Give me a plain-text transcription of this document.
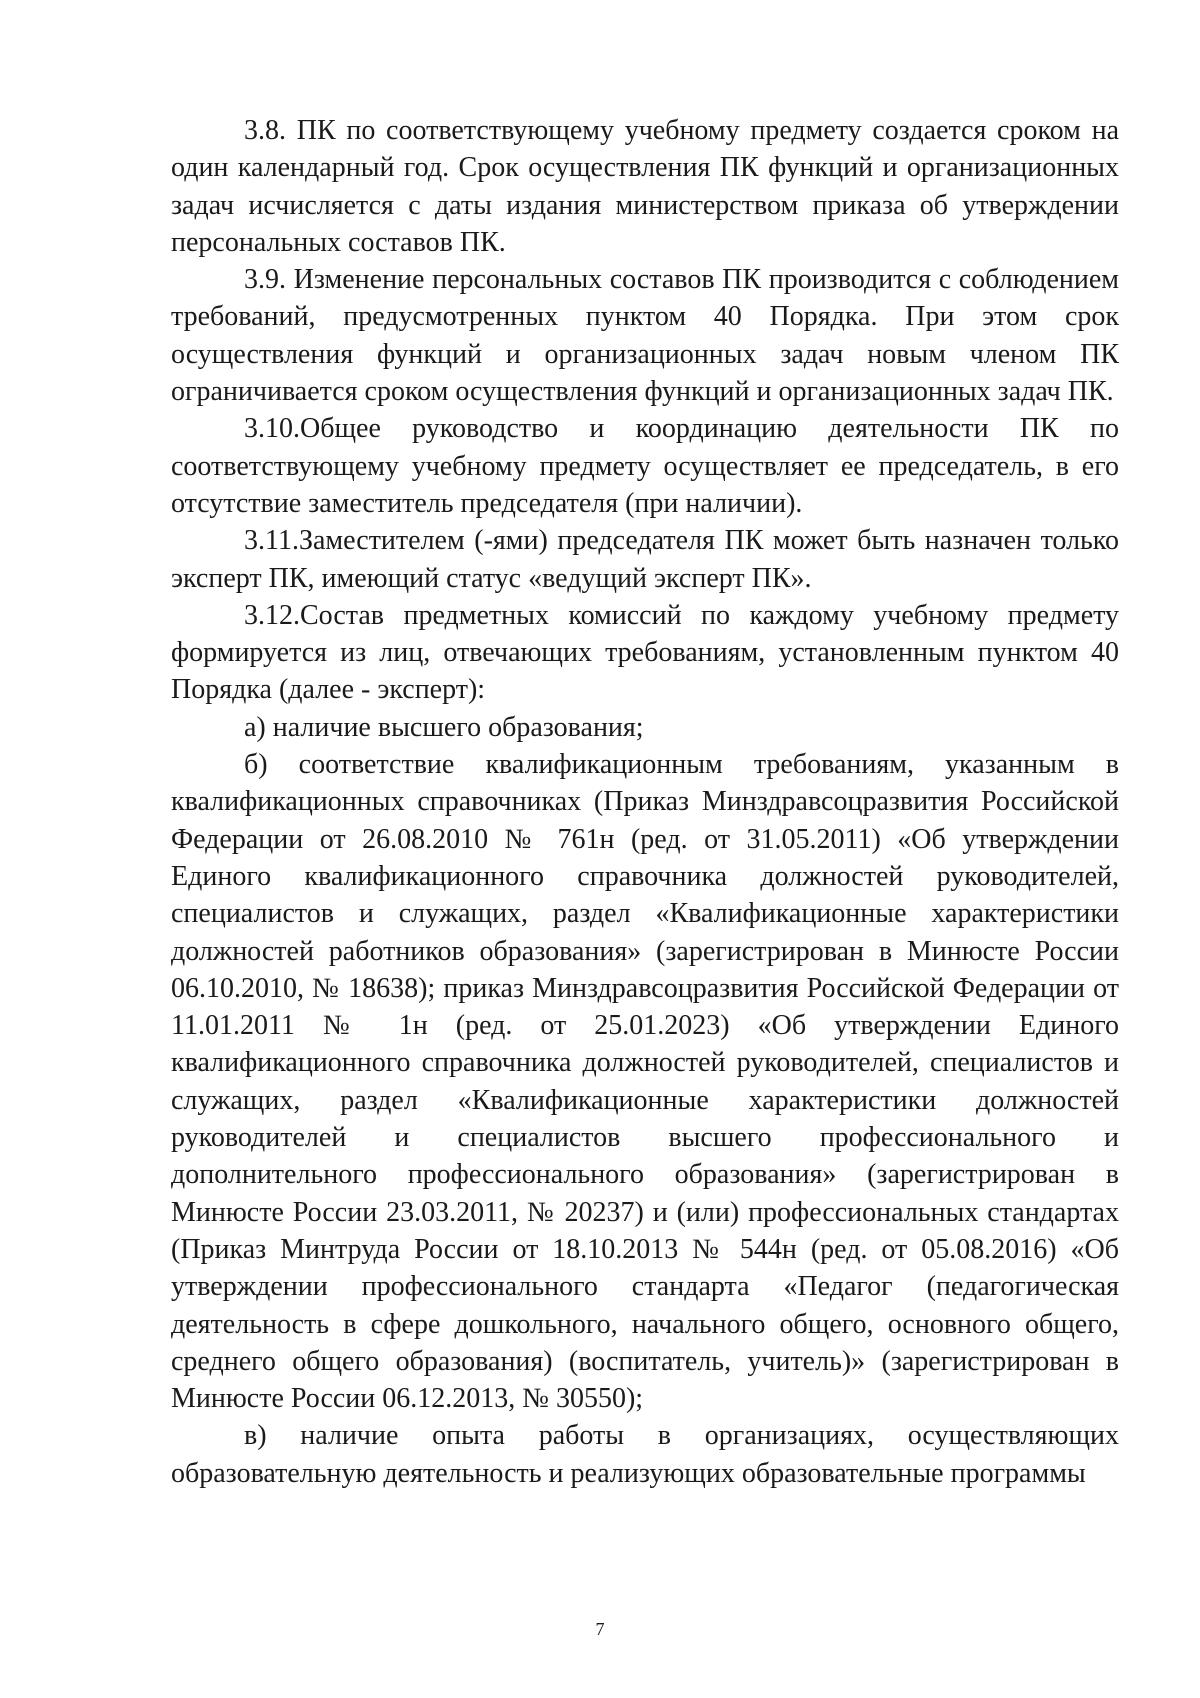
3.8. ПК по соответствующему учебному предмету создается сроком на один календарный год. Срок осуществления ПК функций и организационных задач исчисляется с даты издания министерством приказа об утверждении персональных составов ПК.

3.9. Изменение персональных составов ПК производится с соблюдением требований, предусмотренных пунктом 40 Порядка. При этом срок осуществления функций и организационных задач новым членом ПК ограничивается сроком осуществления функций и организационных задач ПК.

3.10.Общее руководство и координацию деятельности ПК по соответствующему учебному предмету осуществляет ее председатель, в его отсутствие заместитель председателя (при наличии).

3.11.Заместителем (-ями) председателя ПК может быть назначен только эксперт ПК, имеющий статус «ведущий эксперт ПК».

3.12.Состав предметных комиссий по каждому учебному предмету формируется из лиц, отвечающих требованиям, установленным пунктом 40 Порядка (далее - эксперт):

а) наличие высшего образования;

б) соответствие квалификационным требованиям, указанным в квалификационных справочниках (Приказ Минздравсоцразвития Российской Федерации от 26.08.2010 № 761н (ред. от 31.05.2011) «Об утверждении Единого квалификационного справочника должностей руководителей, специалистов и служащих, раздел «Квалификационные характеристики должностей работников образования» (зарегистрирован в Минюсте России 06.10.2010, № 18638); приказ Минздравсоцразвития Российской Федерации от 11.01.2011 № 1н (ред. от 25.01.2023) «Об утверждении Единого квалификационного справочника должностей руководителей, специалистов и служащих, раздел «Квалификационные характеристики должностей руководителей и специалистов высшего профессионального и дополнительного профессионального образования» (зарегистрирован в Минюсте России 23.03.2011, № 20237) и (или) профессиональных стандартах (Приказ Минтруда России от 18.10.2013 № 544н (ред. от 05.08.2016) «Об утверждении профессионального стандарта «Педагог (педагогическая деятельность в сфере дошкольного, начального общего, основного общего, среднего общего образования) (воспитатель, учитель)» (зарегистрирован в Минюсте России 06.12.2013, № 30550);

в) наличие опыта работы в организациях, осуществляющих образовательную деятельность и реализующих образовательные программы

7
